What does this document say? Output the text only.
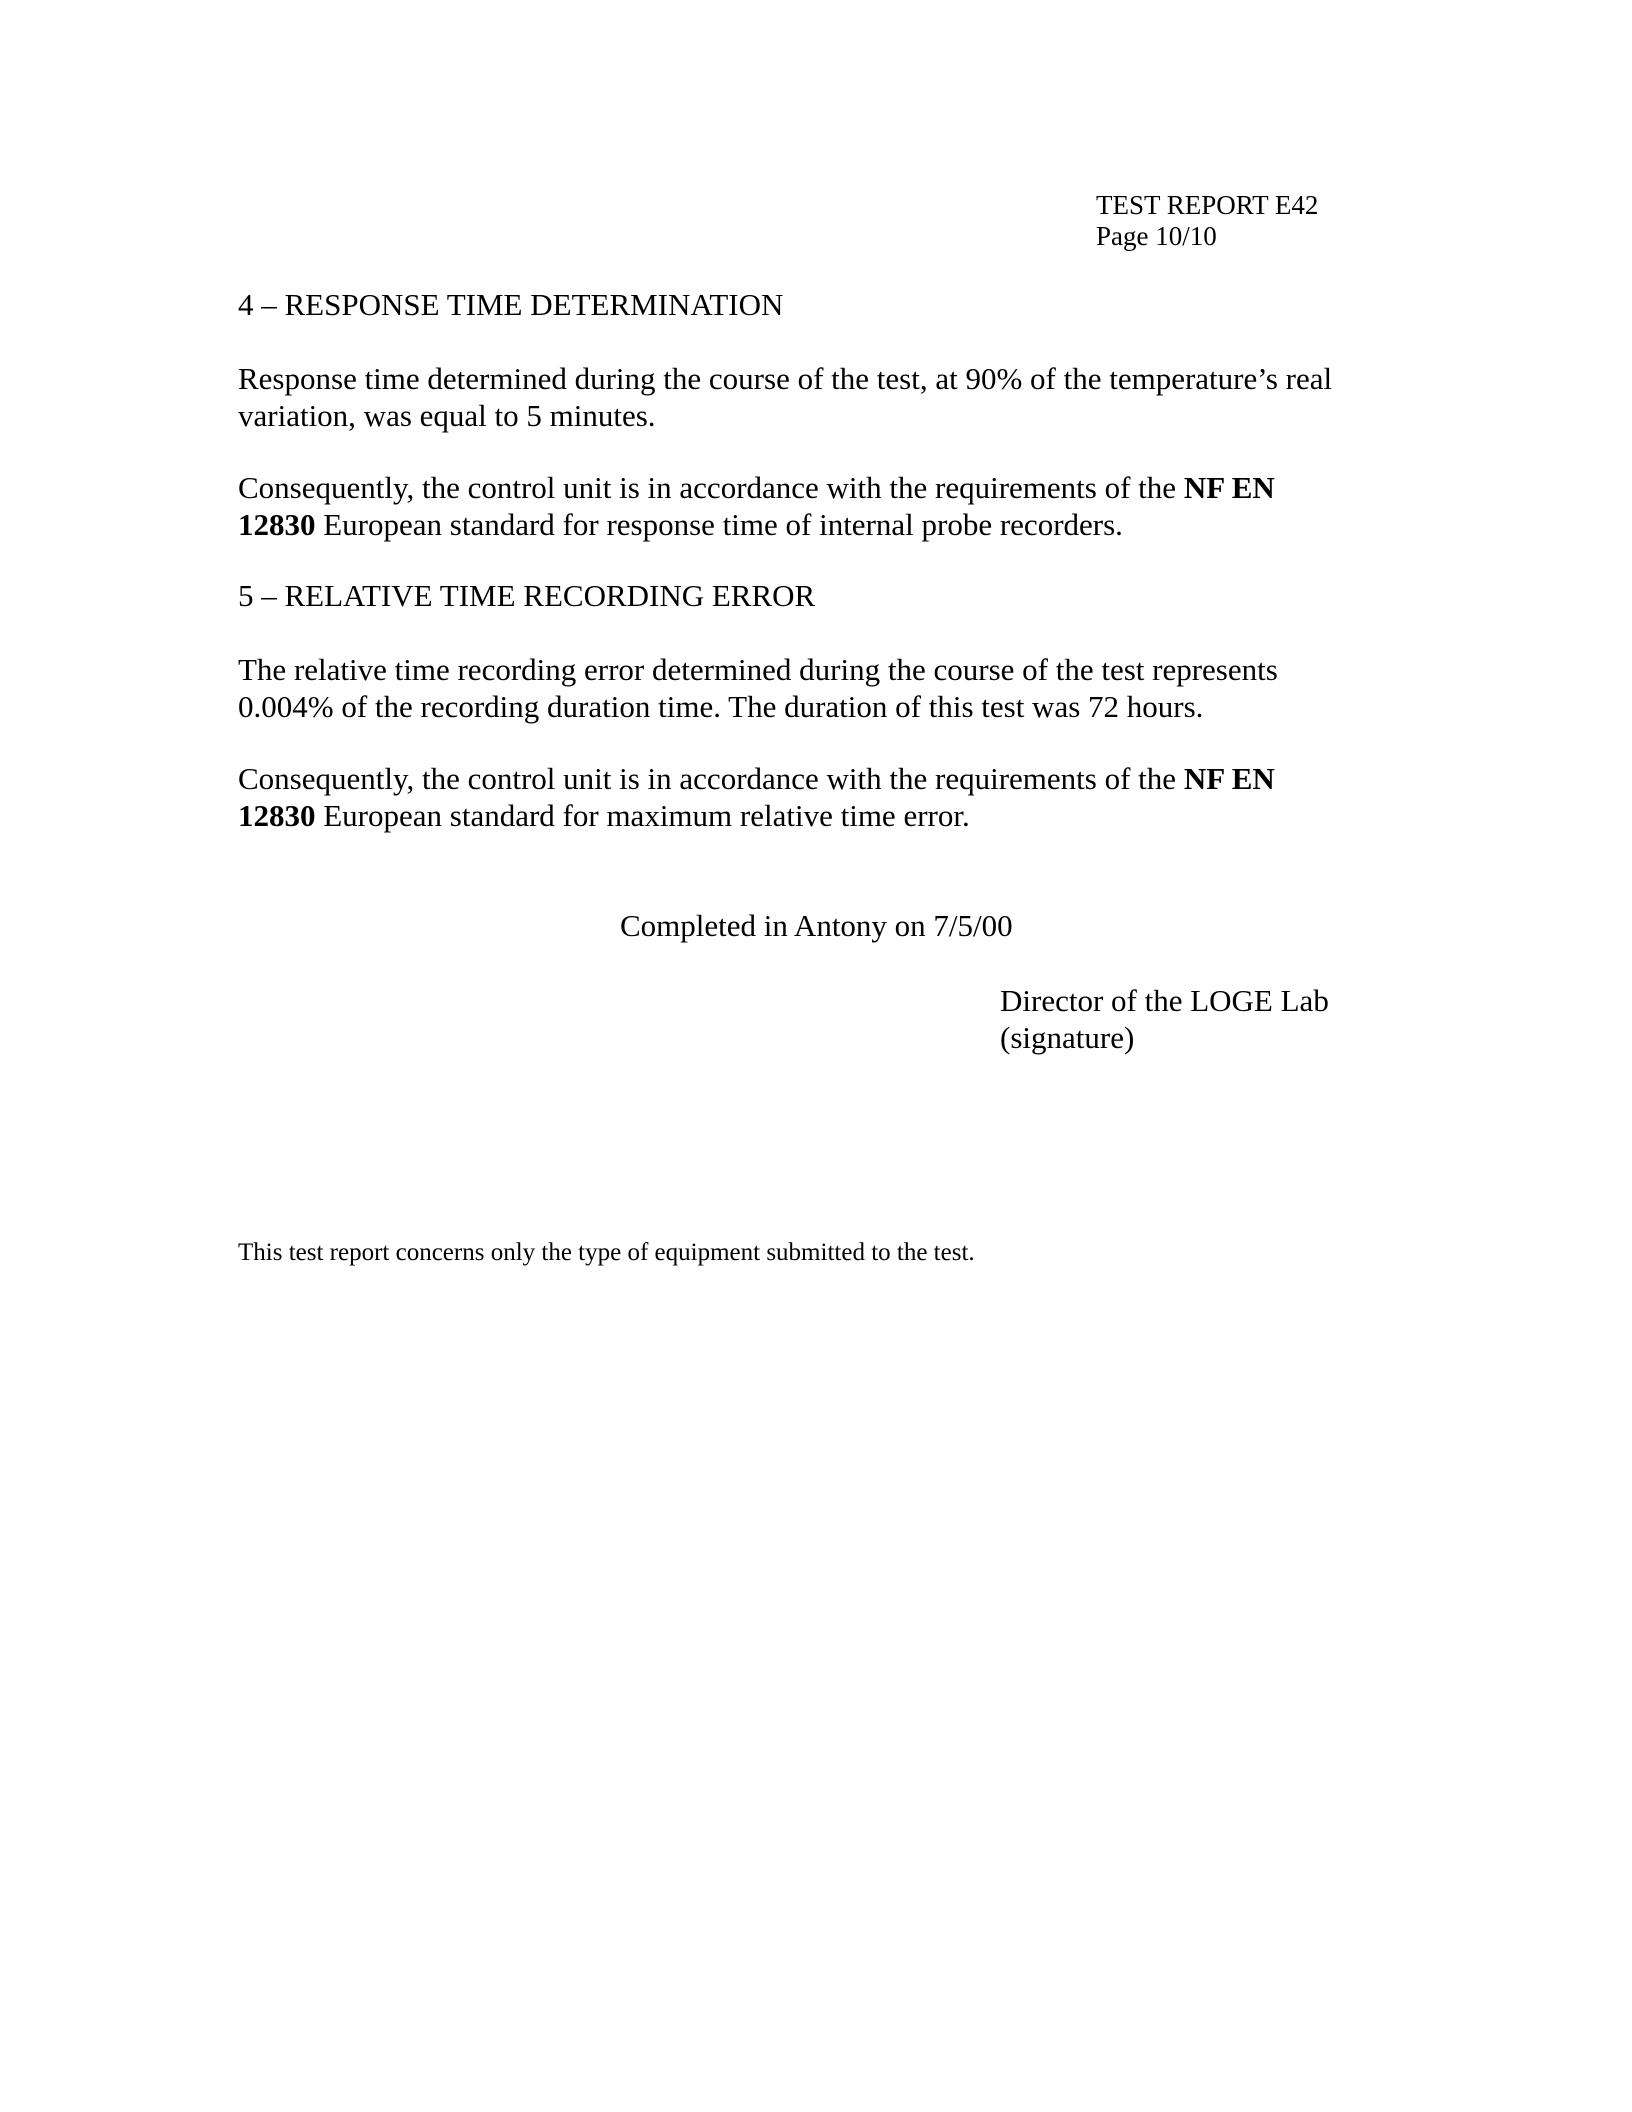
TEST REPORT E42
Page 10/10
4 – RESPONSE TIME DETERMINATION
Response time determined during the course of the test, at 90% of the temperature’s real
variation, was equal to 5 minutes.
Consequently, the control unit is in accordance with the requirements of the NF EN
12830 European standard for response time of internal probe recorders.
5 – RELATIVE TIME RECORDING ERROR
The relative time recording error determined during the course of the test represents
0.004% of the recording duration time. The duration of this test was 72 hours.
Consequently, the control unit is in accordance with the requirements of the NF EN
12830 European standard for maximum relative time error.
Completed in Antony on 7/5/00
Director of the LOGE Lab
(signature)
This test report concerns only the type of equipment submitted to the test.
